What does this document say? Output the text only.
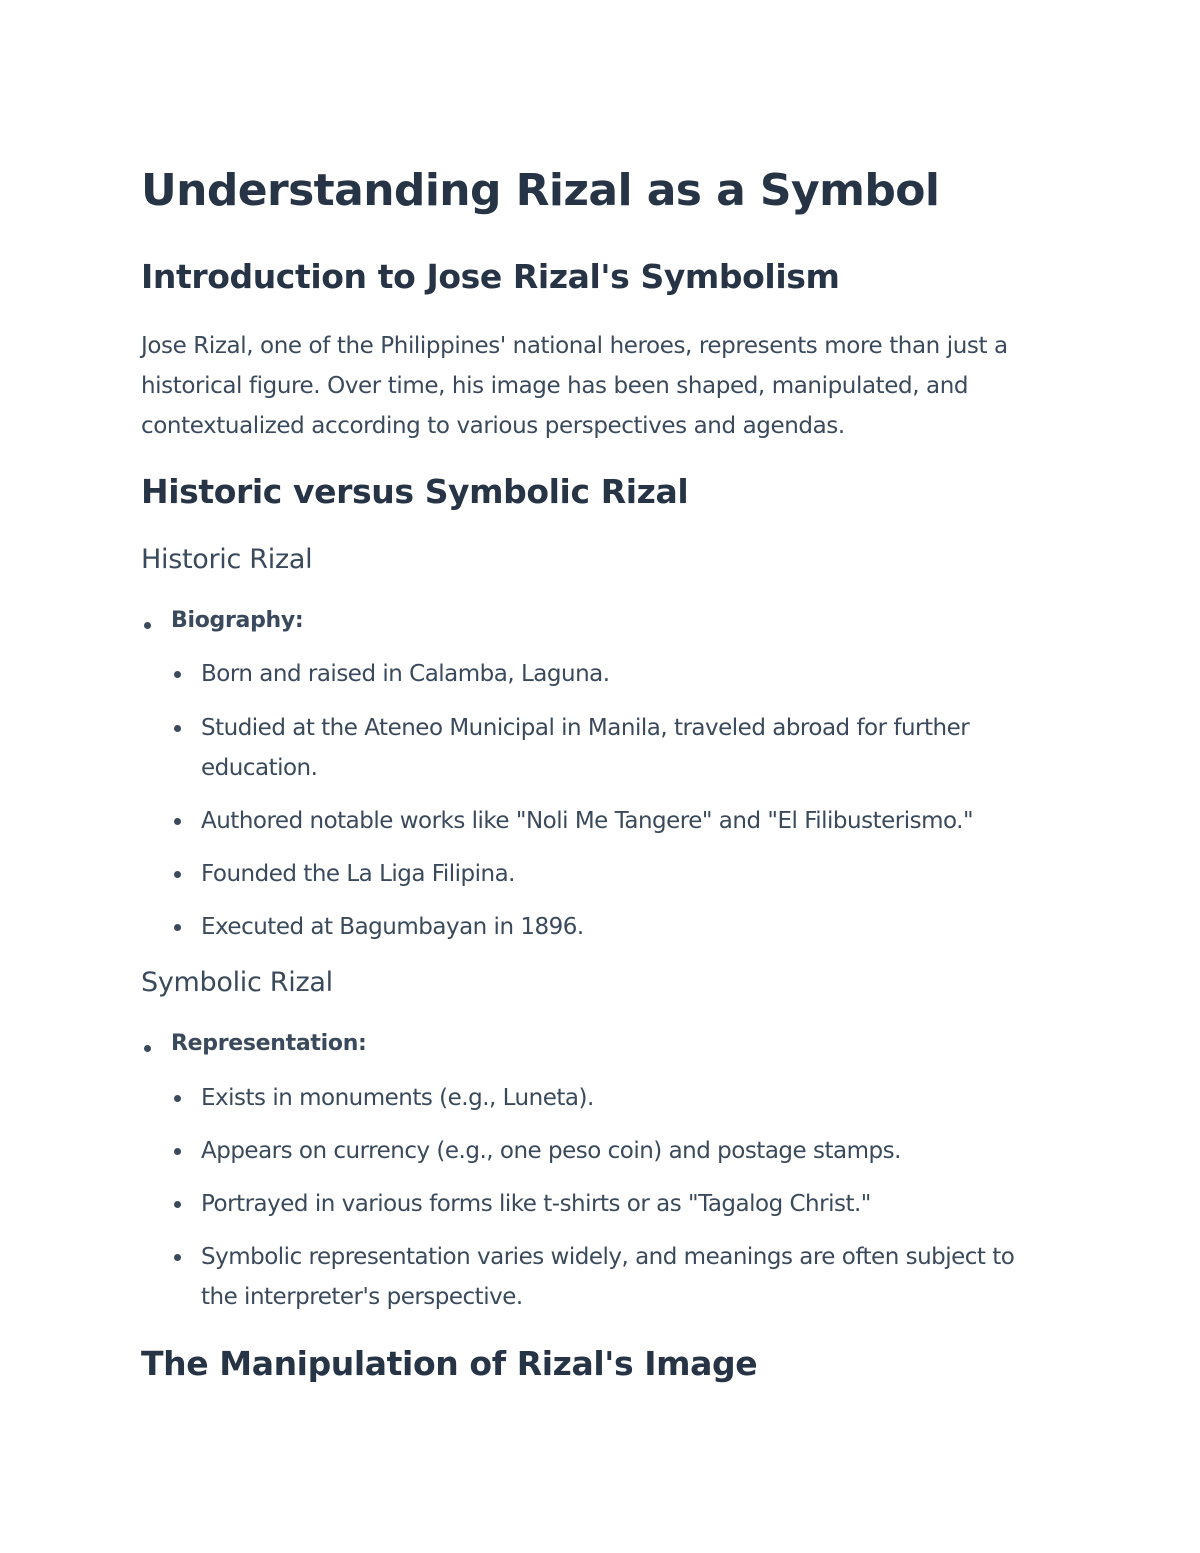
Understanding Rizal as a Symbol
Introduction to Jose Rizal's Symbolism

Jose Rizal, one of the Philippines' national heroes, represents more than just a historical figure. Over time, his image has been shaped, manipulated, and contextualized according to various perspectives and agendas.

Historic versus Symbolic Rizal
Historic Rizal
Biography:
Born and raised in Calamba, Laguna.
Studied at the Ateneo Municipal in Manila, traveled abroad for further education.
Authored notable works like "Noli Me Tangere" and "El Filibusterismo."
Founded the La Liga Filipina.
Executed at Bagumbayan in 1896.
Symbolic Rizal
Representation:
Exists in monuments (e.g., Luneta).
Appears on currency (e.g., one peso coin) and postage stamps.
Portrayed in various forms like t-shirts or as "Tagalog Christ."
Symbolic representation varies widely, and meanings are often subject to the interpreter's perspective.
The Manipulation of Rizal's Image
